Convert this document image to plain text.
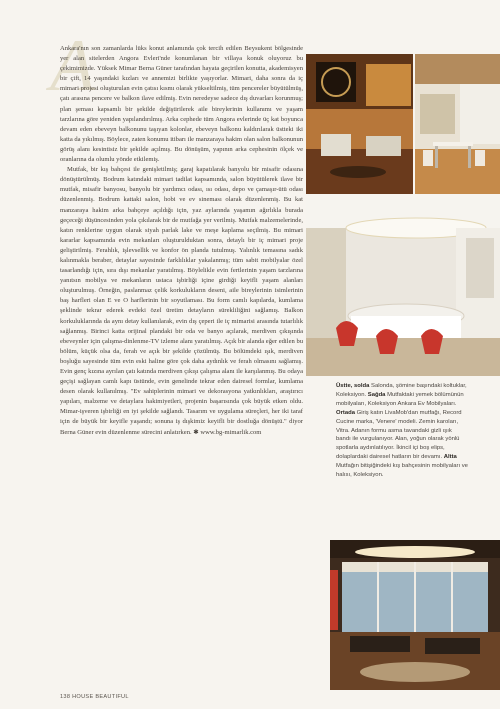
A

Ankara'nın son zamanlarda lüks konut anlamında çok tercih edilen Beysukent bölgesinde yer alan sitelerden Angora Evleri'nde konumlanan bir villaya konuk oluyoruz bu çekimimizde. Yüksek Mimar Berna Güner tarafından hayata geçirilen konutta, akademisyen bir çift, 14 yaşındaki kızları ve annemizi birlikte yaşıyorlar. Mimari, daha sonra da iç mimari projesi oluşturulan evin çatısı kısmı olarak yükseltilmiş, tüm pencereler büyütülmüş, çatı arasına pencere ve balkon ilave edilmiş. Evin neredeyse sadece dış duvarları korunmuş; plan şeması kapsamlı bir şekilde değiştirilerek aile bireylerinin kullanımı ve yaşam tarzlarına göre yeniden yapılandırılmış. Arka cephede tüm Angora evlerinde üç kat boyunca devam eden ebeveyn balkonunu taşıyan kolonlar, ebeveyn balkonu kaldırılarak üstteki iki katta da yıkılmış. Böylece, zaten konumu itibarı ile manzaraya hakim olan salon balkonunun görüş alanı kesintisiz bir şekilde açılmış. Bu dönüşüm, yapının arka cephesinin ölçek ve oranlarına da olumlu yönde etkilemiş.

Mutfak, bir kış bahçesi ile genişletilmiş; garaj kapatılarak banyolu bir misafir odasına dönüştürülmüş. Bodrum katındaki mimari tadilat kapsamında, salon büyütülerek ilave bir mutfak, misafir banyosu, banyolu bir yardımcı odası, ısı odası, depo ve çamaşır-ütü odası düzenlenmiş. Bodrum kattaki salon, hobi ve ev sineması olarak düzenlenmiş. Bu kat manzaraya hakim arka bahçeye açıldığı için, yaz aylarında yaşamın ağırlıkla burada geçeceği düşüncesinden yola çıkılarak bir de mutfağa yer verilmiş. Mutfak malzemelerinde, katın renklerine uygun olarak siyah parlak lake ve meşe kaplama seçilmiş. Bu mimari kararlar kapsamında evin mekanları oluşturulduktan sonra, detaylı bir iç mimari proje geliştirilmiş. Ferahlık, işlevsellik ve konfor ön planda tutulmuş. Yalınlık temasına sadık kalınmakla beraber, detaylar sayesinde farklılıklar yakalanmış; tüm sabit mobilyalar özel tasarlandığı için, sıra dışı mekanlar yaratılmış. Böylelikle evin fertlerinin yaşam tarzlarına yanıtsın mobilya ve mekanların ustaca işbirliği içine girdiği keyifli yaşam alanları oluşturulmuş. Örneğin, paslanmaz çelik korkulukların deseni, aile bireylerinin isimlerinin baş harfleri olan E ve O harflerinin bir soyutlaması. Bu form camlı kapılarda, kumlama şeklinde tekrar ederek evdeki özel üretim detayların sürekliliğini sağlamış. Balkon korkuluklarında da aynı detay kullanılarak, evin dış çeperi ile iç mimarisi arasında tutarlılık sağlanmış. Birinci katta orijinal plandaki bir oda ve banyo açılarak, merdiven çıkışında ebeveynler için çalışma-dinlenme-TV izleme alanı yaratılmış. Açık bir alanda eğer edilen bu bölüm, küçük olsa da, ferah ve açık bir şekilde çözülmüş. Bu bölümdeki ışık, merdiven boşluğu sayesinde tüm evin eski haline göre çok daha aydınlık ve ferah olmasını sağlamış. Evin genç kızına ayrılan çatı katında merdiven çıkışı çalışma alanı ile karşılanmış. Bu odaya geçişi sağlayan camlı kapı üstünde, evin genelinde tekrar eden dairesel formlar, kumlama desen olarak kullanılmış. "Ev sahiplerinin mimari ve dekorasyona yatkınlıkları, araştırıcı yapıları, malzeme ve detaylara hakimiyetleri, projenin başarısında çok büyük etken oldu. Mimar-işveren işbirliği en iyi şekilde sağlandı. Tasarım ve uygulama süreçleri, her iki taraf için de büyük bir keyifle yaşandı; sonuna iş dışkimiz keyifli bir dostluğa dönüştü." diyor Berna Güner evin düzenlenme sürecini anlatırken. ✱ www.bg-mimarlik.com

Üstte, solda Salonda, şömine başındaki koltuklar, Koleksiyon. Sağda Mutfaktaki yemek bölümünün mobilyaları, Koleksiyon Ankara Ev Mobilyaları. Ortada Giriş katın LivaMob'dan mutfağı, Record Cucine marka, 'Venere' modeli. Zemin karoları, Vitra. Adanın formu asma tavandaki gizli ışık bandı ile vurgulanıyor. Alan, yoğun olarak yönlü spotlarla aydınlatılıyor. İkincil içi boş elips, dolaplardaki dairesel hatların bir devamı. Altta Mutfağın bitişiğindeki kış bahçesinin mobilyaları ve halısı, Koleksiyon.
138 HOUSE BEAUTIFUL
